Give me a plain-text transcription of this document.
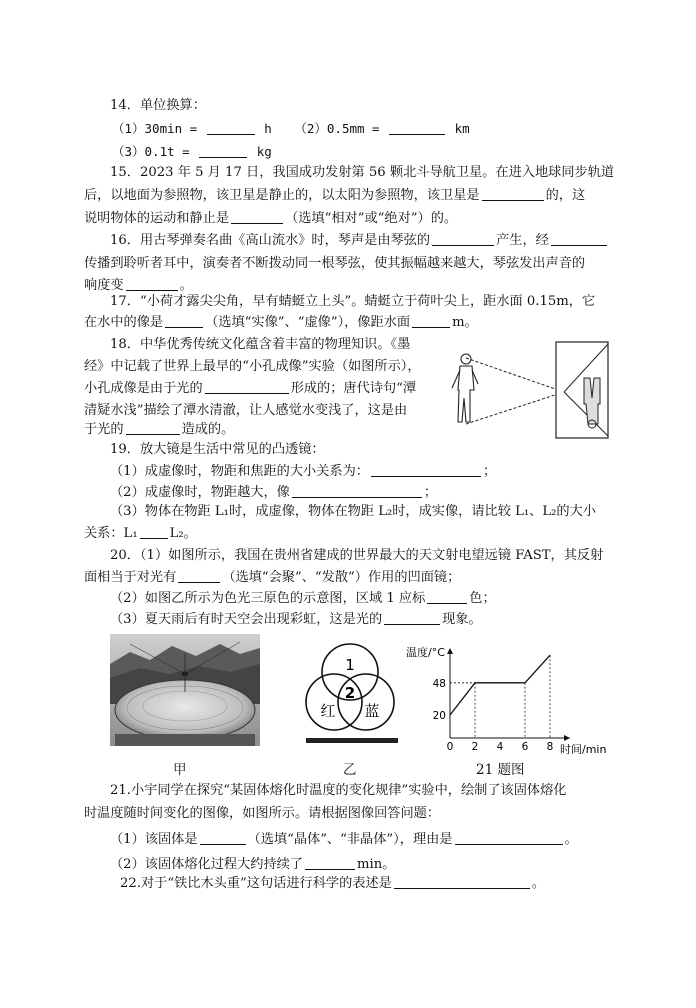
14．单位换算：
（1）30min =	h （2）0.5mm =	km
（3）0.1t =	kg
15．2023 年 5 月 17 日，我国成功发射第 56 颗北斗导航卫星。在进入地球同步轨道
后，以地面为参照物，该卫星是静止的，以太阳为参照物，该卫星是	的，这
说明物体的运动和静止是	（选填“相对”或“绝对”）的。
16．用古琴弹奏名曲《高山流水》时，琴声是由琴弦的	产生，经
传播到聆听者耳中，演奏者不断拨动同一根琴弦，使其振幅越来越大，琴弦发出声音的
响度变	。
17．“小荷才露尖尖角，早有蜻蜓立上头”。蜻蜓立于荷叶尖上，距水面 0.15m，它
在水中的像是	（选填“实像”、“虚像”），像距水面	m。
18．中华优秀传统文化蕴含着丰富的物理知识。《墨
经》中记载了世界上最早的“小孔成像”实验（如图所示），
小孔成像是由于光的	形成的；唐代诗句“潭
清疑水浅”描绘了潭水清澈，让人感觉水变浅了，这是由
于光的	造成的。
19．放大镜是生活中常见的凸透镜：
（1）成虚像时，物距和焦距的大小关系为：	；
（2）成虚像时，物距越大，像	；
（3）物体在物距 L₁时，成虚像，物体在物距 L₂时，成实像，请比较 L₁、L₂的大小
关系：L₁ L₂。
20．（1）如图所示，我国在贵州省建成的世界最大的天文射电望远镜 FAST，其反射
面相当于对光有	（选填“会聚”、“发散”）作用的凹面镜；
（2）如图乙所示为色光三原色的示意图，区域 1 应标	色；
（3）夏天雨后有时天空会出现彩虹，这是光的	现象。
甲
1
2
红 蓝
乙
温度/°C
时间/min
0 2 4 6 8
20
48
21 题图
21.小宇同学在探究“某固体熔化时温度的变化规律”实验中，绘制了该固体熔化
时温度随时间变化的图像，如图所示。请根据图像回答问题：
（1）该固体是	（选填“晶体”、“非晶体”），理由是	。
（2）该固体熔化过程大约持续了	min。
22.对于“铁比木头重”这句话进行科学的表述是	。
